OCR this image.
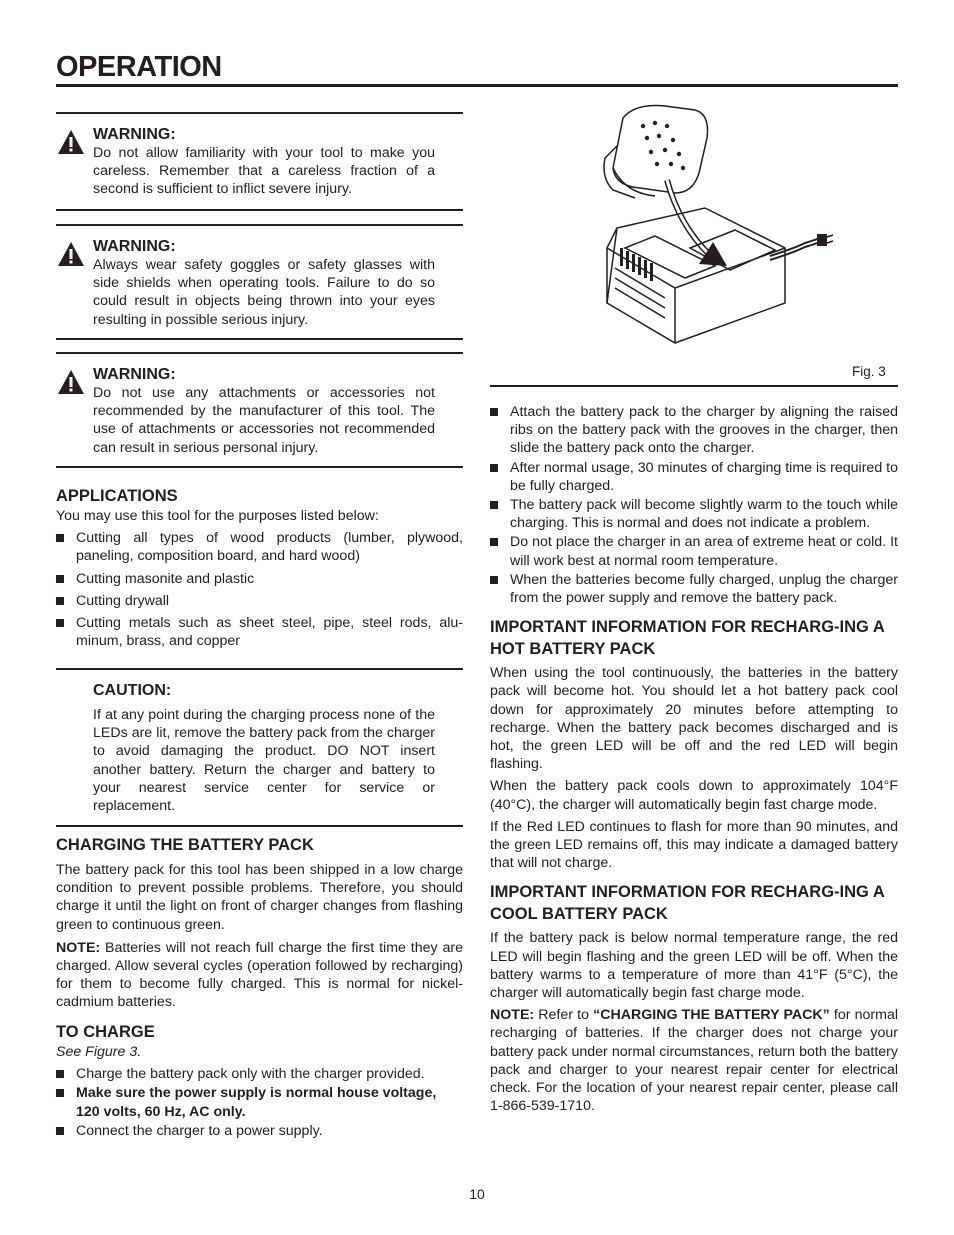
OPERATION
WARNING:

Do not allow familiarity with your tool to make you careless. Remember that a careless fraction of a second is sufficient to inflict severe injury.

WARNING:

Always wear safety goggles or safety glasses with side shields when operating tools. Failure to do so could result in objects being thrown into your eyes resulting in possible serious injury.

WARNING:

Do not use any attachments or accessories not recommended by the manufacturer of this tool. The use of attachments or accessories not recommended can result in serious personal injury.

APPLICATIONS

You may use this tool for the purposes listed below:

Cutting all types of wood products (lumber, plywood, paneling, composition board, and hard wood)
Cutting masonite and plastic
Cutting drywall
Cutting metals such as sheet steel, pipe, steel rods, alu-minum, brass, and copper
CAUTION:

If at any point during the charging process none of the LEDs are lit, remove the battery pack from the charger to avoid damaging the product. DO NOT insert another battery. Return the charger and battery to your nearest service center for service or replacement.

CHARGING THE BATTERY PACK

The battery pack for this tool has been shipped in a low charge condition to prevent possible problems. Therefore, you should charge it until the light on front of charger changes from flashing green to continuous green.

NOTE: Batteries will not reach full charge the first time they are charged. Allow several cycles (operation followed by recharging) for them to become fully charged. This is normal for nickel-cadmium batteries.

TO CHARGE

See Figure 3.

Charge the battery pack only with the charger provided.
Make sure the power supply is normal house voltage, 120 volts, 60 Hz, AC only.
Connect the charger to a power supply.
Fig. 3
Attach the battery pack to the charger by aligning the raised ribs on the battery pack with the grooves in the charger, then slide the battery pack onto the charger.
After normal usage, 30 minutes of charging time is required to be fully charged.
The battery pack will become slightly warm to the touch while charging. This is normal and does not indicate a problem.
Do not place the charger in an area of extreme heat or cold. It will work best at normal room temperature.
When the batteries become fully charged, unplug the charger from the power supply and remove the battery pack.
IMPORTANT INFORMATION FOR RECHARG-ING A HOT BATTERY PACK

When using the tool continuously, the batteries in the battery pack will become hot. You should let a hot battery pack cool down for approximately 20 minutes before attempting to recharge. When the battery pack becomes discharged and is hot, the green LED will be off and the red LED will begin flashing.

When the battery pack cools down to approximately 104°F (40°C), the charger will automatically begin fast charge mode.

If the Red LED continues to flash for more than 90 minutes, and the green LED remains off, this may indicate a damaged battery that will not charge.

IMPORTANT INFORMATION FOR RECHARG-ING A COOL BATTERY PACK

If the battery pack is below normal temperature range, the red LED will begin flashing and the green LED will be off. When the battery warms to a temperature of more than 41°F (5°C), the charger will automatically begin fast charge mode.

NOTE: Refer to “CHARGING THE BATTERY PACK” for normal recharging of batteries. If the charger does not charge your battery pack under normal circumstances, return both the battery pack and charger to your nearest repair center for electrical check. For the location of your nearest repair center, please call 1-866-539-1710.

10
